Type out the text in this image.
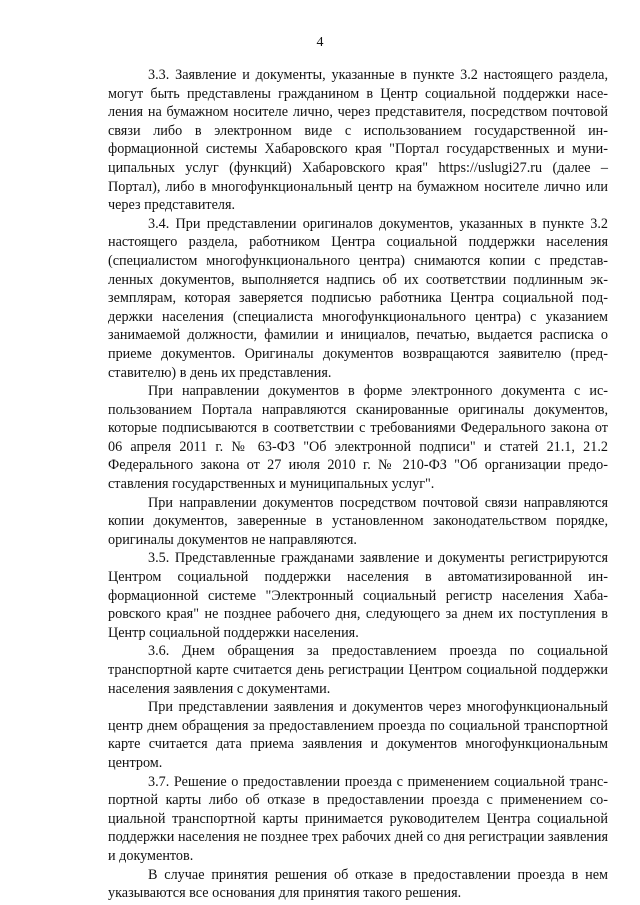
4

3.3. Заявление и документы, указанные в пункте 3.2 настоящего раздела, могут быть представлены гражданином в Центр социальной поддержки населения на бумажном носителе лично, через представителя, посредством почтовой связи либо в электронном виде с использованием государственной информационной системы Хабаровского края "Портал государственных и муниципальных услуг (функций) Хабаровского края" https://uslugi27.ru (далее – Портал), либо в многофункциональный центр на бумажном носителе лично или через представителя.

3.4. При представлении оригиналов документов, указанных в пункте 3.2 настоящего раздела, работником Центра социальной поддержки населения (специалистом многофункционального центра) снимаются копии с представленных документов, выполняется надпись об их соответствии подлинным экземплярам, которая заверяется подписью работника Центра социальной поддержки населения (специалиста многофункционального центра) с указанием занимаемой должности, фамилии и инициалов, печатью, выдается расписка о приеме документов. Оригиналы документов возвращаются заявителю (представителю) в день их представления.

При направлении документов в форме электронного документа с использованием Портала направляются сканированные оригиналы документов, которые подписываются в соответствии с требованиями Федерального закона от 06 апреля 2011 г. № 63-ФЗ "Об электронной подписи" и статей 21.1, 21.2 Федерального закона от 27 июля 2010 г. № 210-ФЗ "Об организации предоставления государственных и муниципальных услуг".

При направлении документов посредством почтовой связи направляются копии документов, заверенные в установленном законодательством порядке, оригиналы документов не направляются.

3.5. Представленные гражданами заявление и документы регистрируются Центром социальной поддержки населения в автоматизированной информационной системе "Электронный социальный регистр населения Хабаровского края" не позднее рабочего дня, следующего за днем их поступления в Центр социальной поддержки населения.

3.6. Днем обращения за предоставлением проезда по социальной транспортной карте считается день регистрации Центром социальной поддержки населения заявления с документами.

При представлении заявления и документов через многофункциональный центр днем обращения за предоставлением проезда по социальной транспортной карте считается дата приема заявления и документов многофункциональным центром.

3.7. Решение о предоставлении проезда с применением социальной транспортной карты либо об отказе в предоставлении проезда с применением социальной транспортной карты принимается руководителем Центра социальной поддержки населения не позднее трех рабочих дней со дня регистрации заявления и документов.

В случае принятия решения об отказе в предоставлении проезда в нем указываются все основания для принятия такого решения.
